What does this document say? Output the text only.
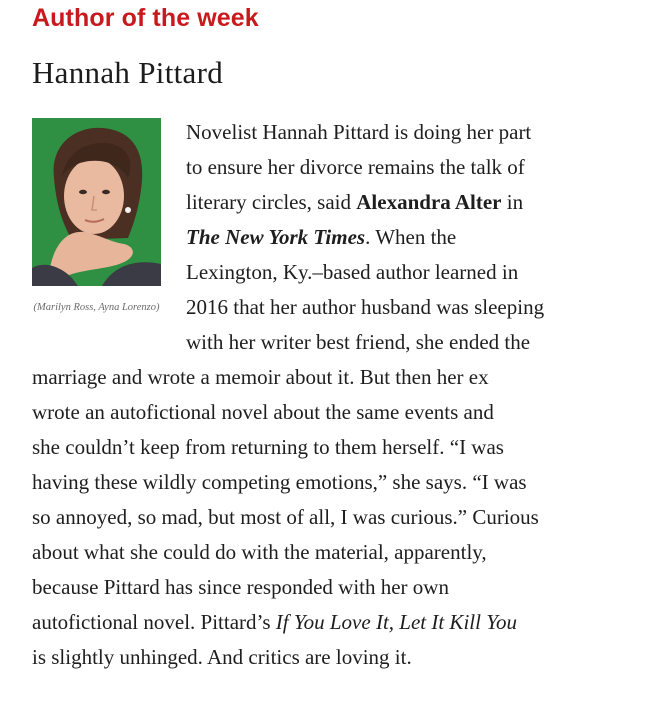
Author of the week
Hannah Pittard
(Marilyn Ross, Ayna Lorenzo)
Novelist Hannah Pittard is doing her part
to ensure her divorce remains the talk of
literary circles, said Alexandra Alter in
The New York Times. When the
Lexington, Ky.–based author learned in
2016 that her author husband was sleeping
with her writer best friend, she ended the
marriage and wrote a memoir about it. But then her ex
wrote an autofictional novel about the same events and
she couldn’t keep from returning to them herself. “I was
having these wildly competing emotions,” she says. “I was
so annoyed, so mad, but most of all, I was curious.” Curious
about what she could do with the material, apparently,
because Pittard has since responded with her own
autofictional novel. Pittard’s If You Love It, Let It Kill You
is slightly unhinged. And critics are loving it.
